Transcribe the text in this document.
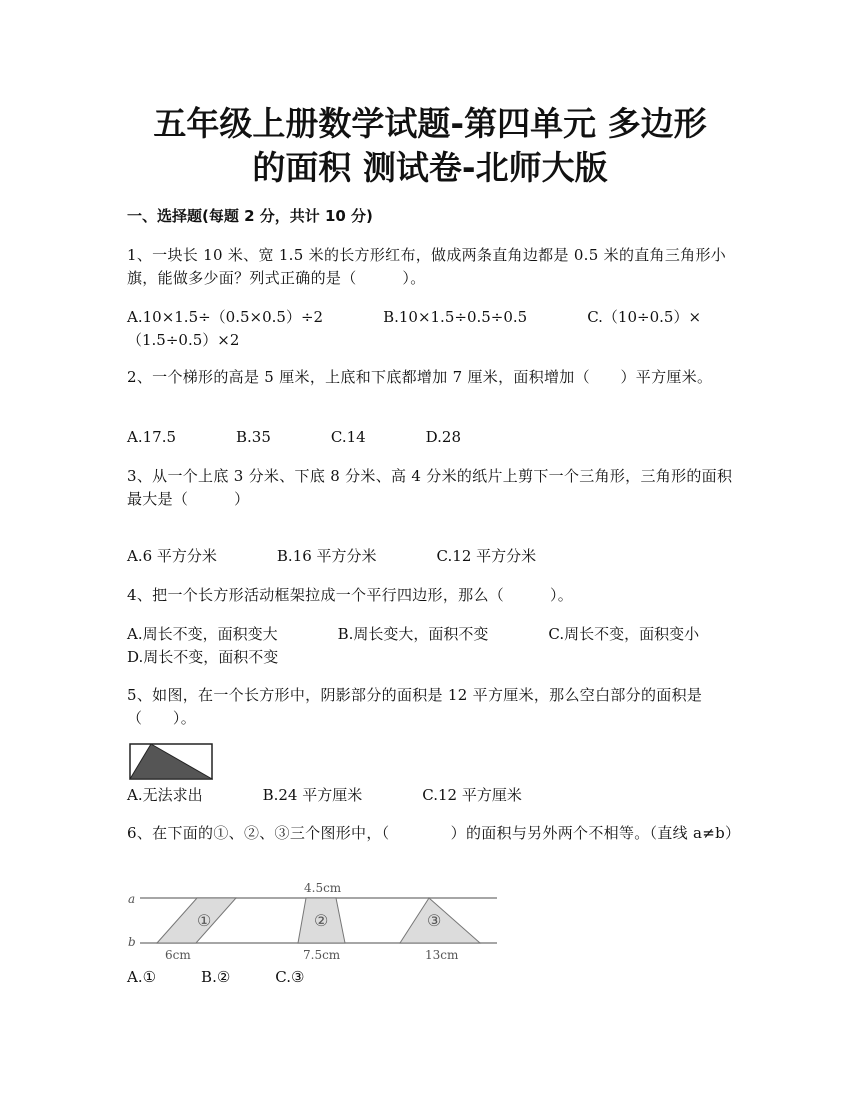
五年级上册数学试题-第四单元 多边形
的面积 测试卷-北师大版

一、选择题(每题 2 分，共计 10 分)

1、一块长 10 米、宽 1.5 米的长方形红布，做成两条直角边都是 0.5 米的直角三角形小旗，能做多少面？列式正确的是（　　　）。

A.10×1.5÷（0.5×0.5）÷2　　　　B.10×1.5÷0.5÷0.5　　　　C.（10÷0.5）×（1.5÷0.5）×2

2、一个梯形的高是 5 厘米，上底和下底都增加 7 厘米，面积增加（　　）平方厘米。

A.17.5　　　　B.35　　　　C.14　　　　D.28

3、从一个上底 3 分米、下底 8 分米、高 4 分米的纸片上剪下一个三角形，三角形的面积最大是（　　　）

A.6 平方分米　　　　B.16 平方分米　　　　C.12 平方分米

4、把一个长方形活动框架拉成一个平行四边形，那么（　　　）。

A.周长不变，面积变大　　　　B.周长变大，面积不变　　　　C.周长不变，面积变小　　　　D.周长不变，面积不变

5、如图，在一个长方形中，阴影部分的面积是 12 平方厘米，那么空白部分的面积是（　　）。

A.无法求出　　　　B.24 平方厘米　　　　C.12 平方厘米

6、在下面的①、②、③三个图形中，（　　　　）的面积与另外两个不相等。（直线 a≠b）

a
b
①	②	③
4.5cm
6cm	7.5cm	13cm

A.①　　　B.②　　　C.③
